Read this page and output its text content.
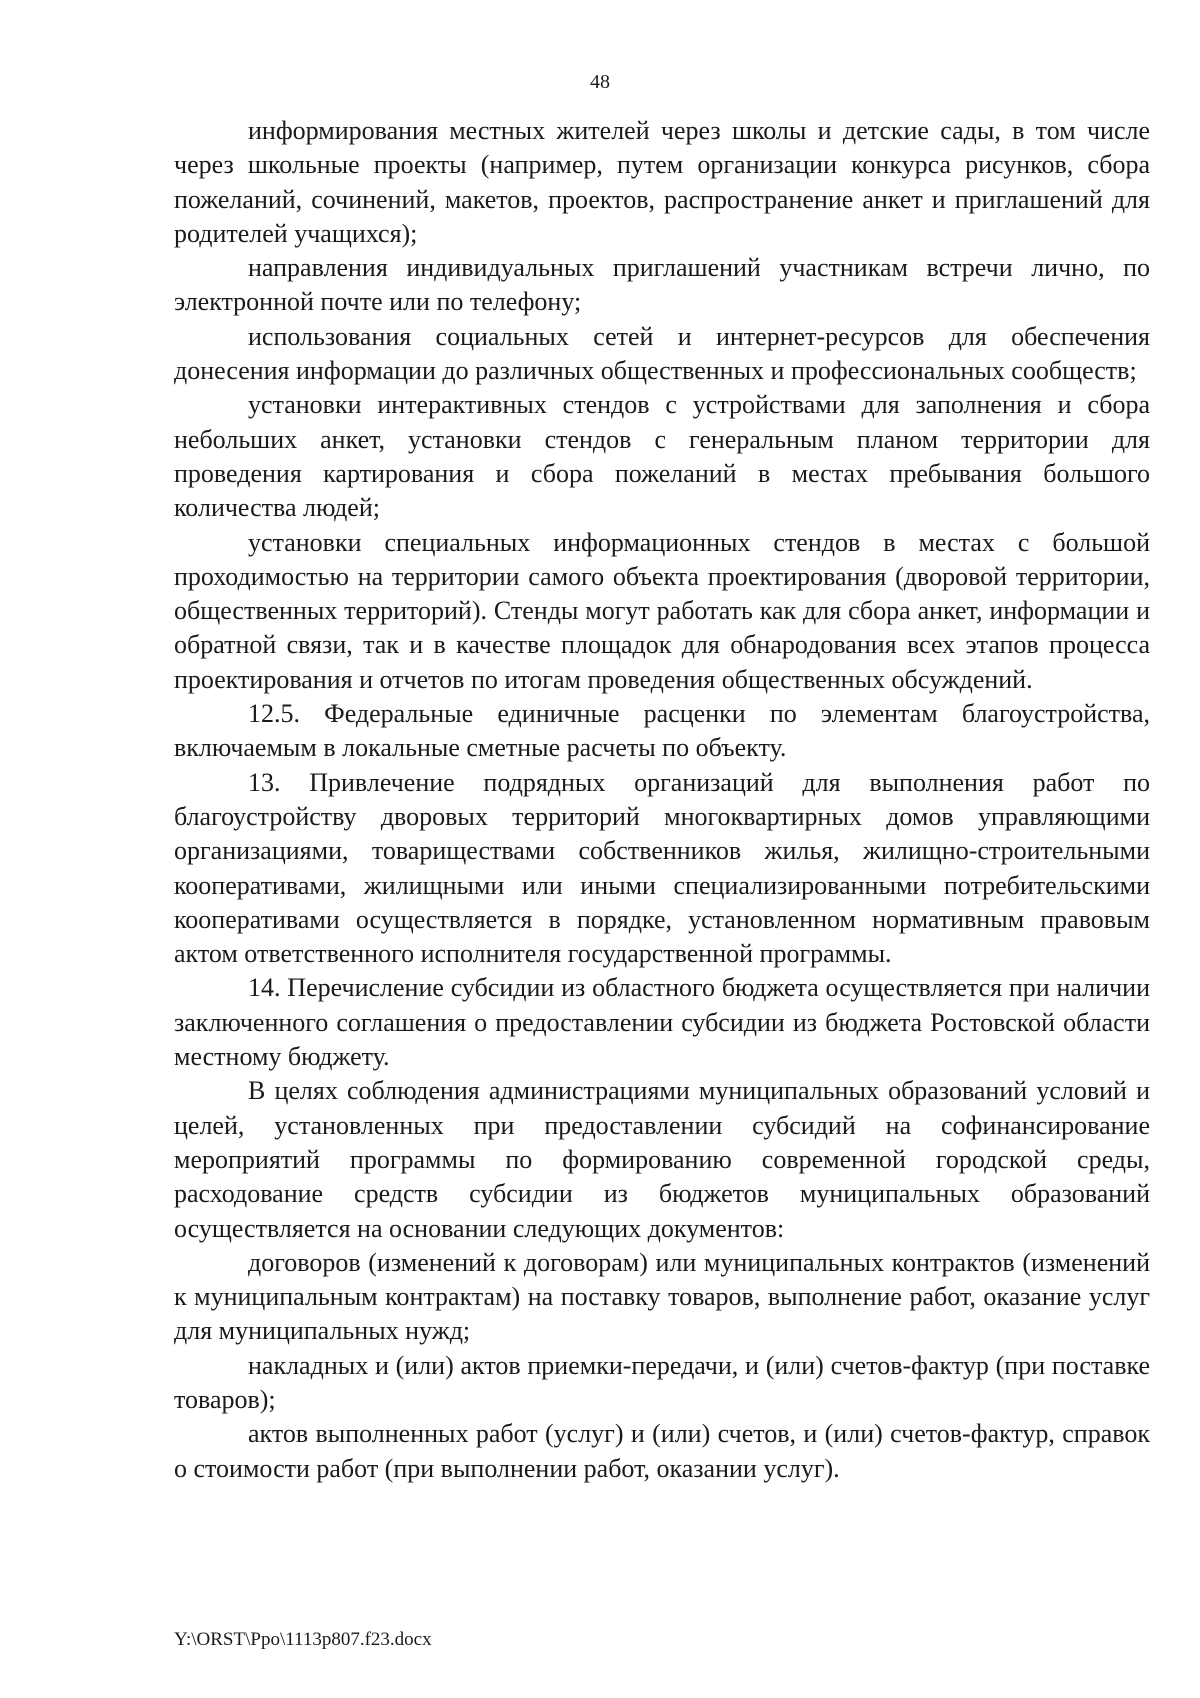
48

информирования местных жителей через школы и детские сады, в том числе через школьные проекты (например, путем организации конкурса рисунков, сбора пожеланий, сочинений, макетов, проектов, распространение анкет и приглашений для родителей учащихся);

направления индивидуальных приглашений участникам встречи лично, по электронной почте или по телефону;

использования социальных сетей и интернет-ресурсов для обеспечения донесения информации до различных общественных и профессиональных сообществ;

установки интерактивных стендов с устройствами для заполнения и сбора небольших анкет, установки стендов с генеральным планом территории для проведения картирования и сбора пожеланий в местах пребывания большого количества людей;

установки специальных информационных стендов в местах с большой проходимостью на территории самого объекта проектирования (дворовой территории, общественных территорий). Стенды могут работать как для сбора анкет, информации и обратной связи, так и в качестве площадок для обнародования всех этапов процесса проектирования и отчетов по итогам проведения общественных обсуждений.

12.5. Федеральные единичные расценки по элементам благоустройства, включаемым в локальные сметные расчеты по объекту.

13. Привлечение подрядных организаций для выполнения работ по благоустройству дворовых территорий многоквартирных домов управляющими организациями, товариществами собственников жилья, жилищно-строительными кооперативами, жилищными или иными специализированными потребительскими кооперативами осуществляется в порядке, установленном нормативным правовым актом ответственного исполнителя государственной программы.

14. Перечисление субсидии из областного бюджета осуществляется при наличии заключенного соглашения о предоставлении субсидии из бюджета Ростовской области местному бюджету.

В целях соблюдения администрациями муниципальных образований условий и целей, установленных при предоставлении субсидий на софинансирование мероприятий программы по формированию современной городской среды, расходование средств субсидии из бюджетов муниципальных образований осуществляется на основании следующих документов:

договоров (изменений к договорам) или муниципальных контрактов (изменений к муниципальным контрактам) на поставку товаров, выполнение работ, оказание услуг для муниципальных нужд;

накладных и (или) актов приемки-передачи, и (или) счетов-фактур (при поставке товаров);

актов выполненных работ (услуг) и (или) счетов, и (или) счетов-фактур, справок о стоимости работ (при выполнении работ, оказании услуг).

Y:\ORST\Ppo\1113p807.f23.docx
